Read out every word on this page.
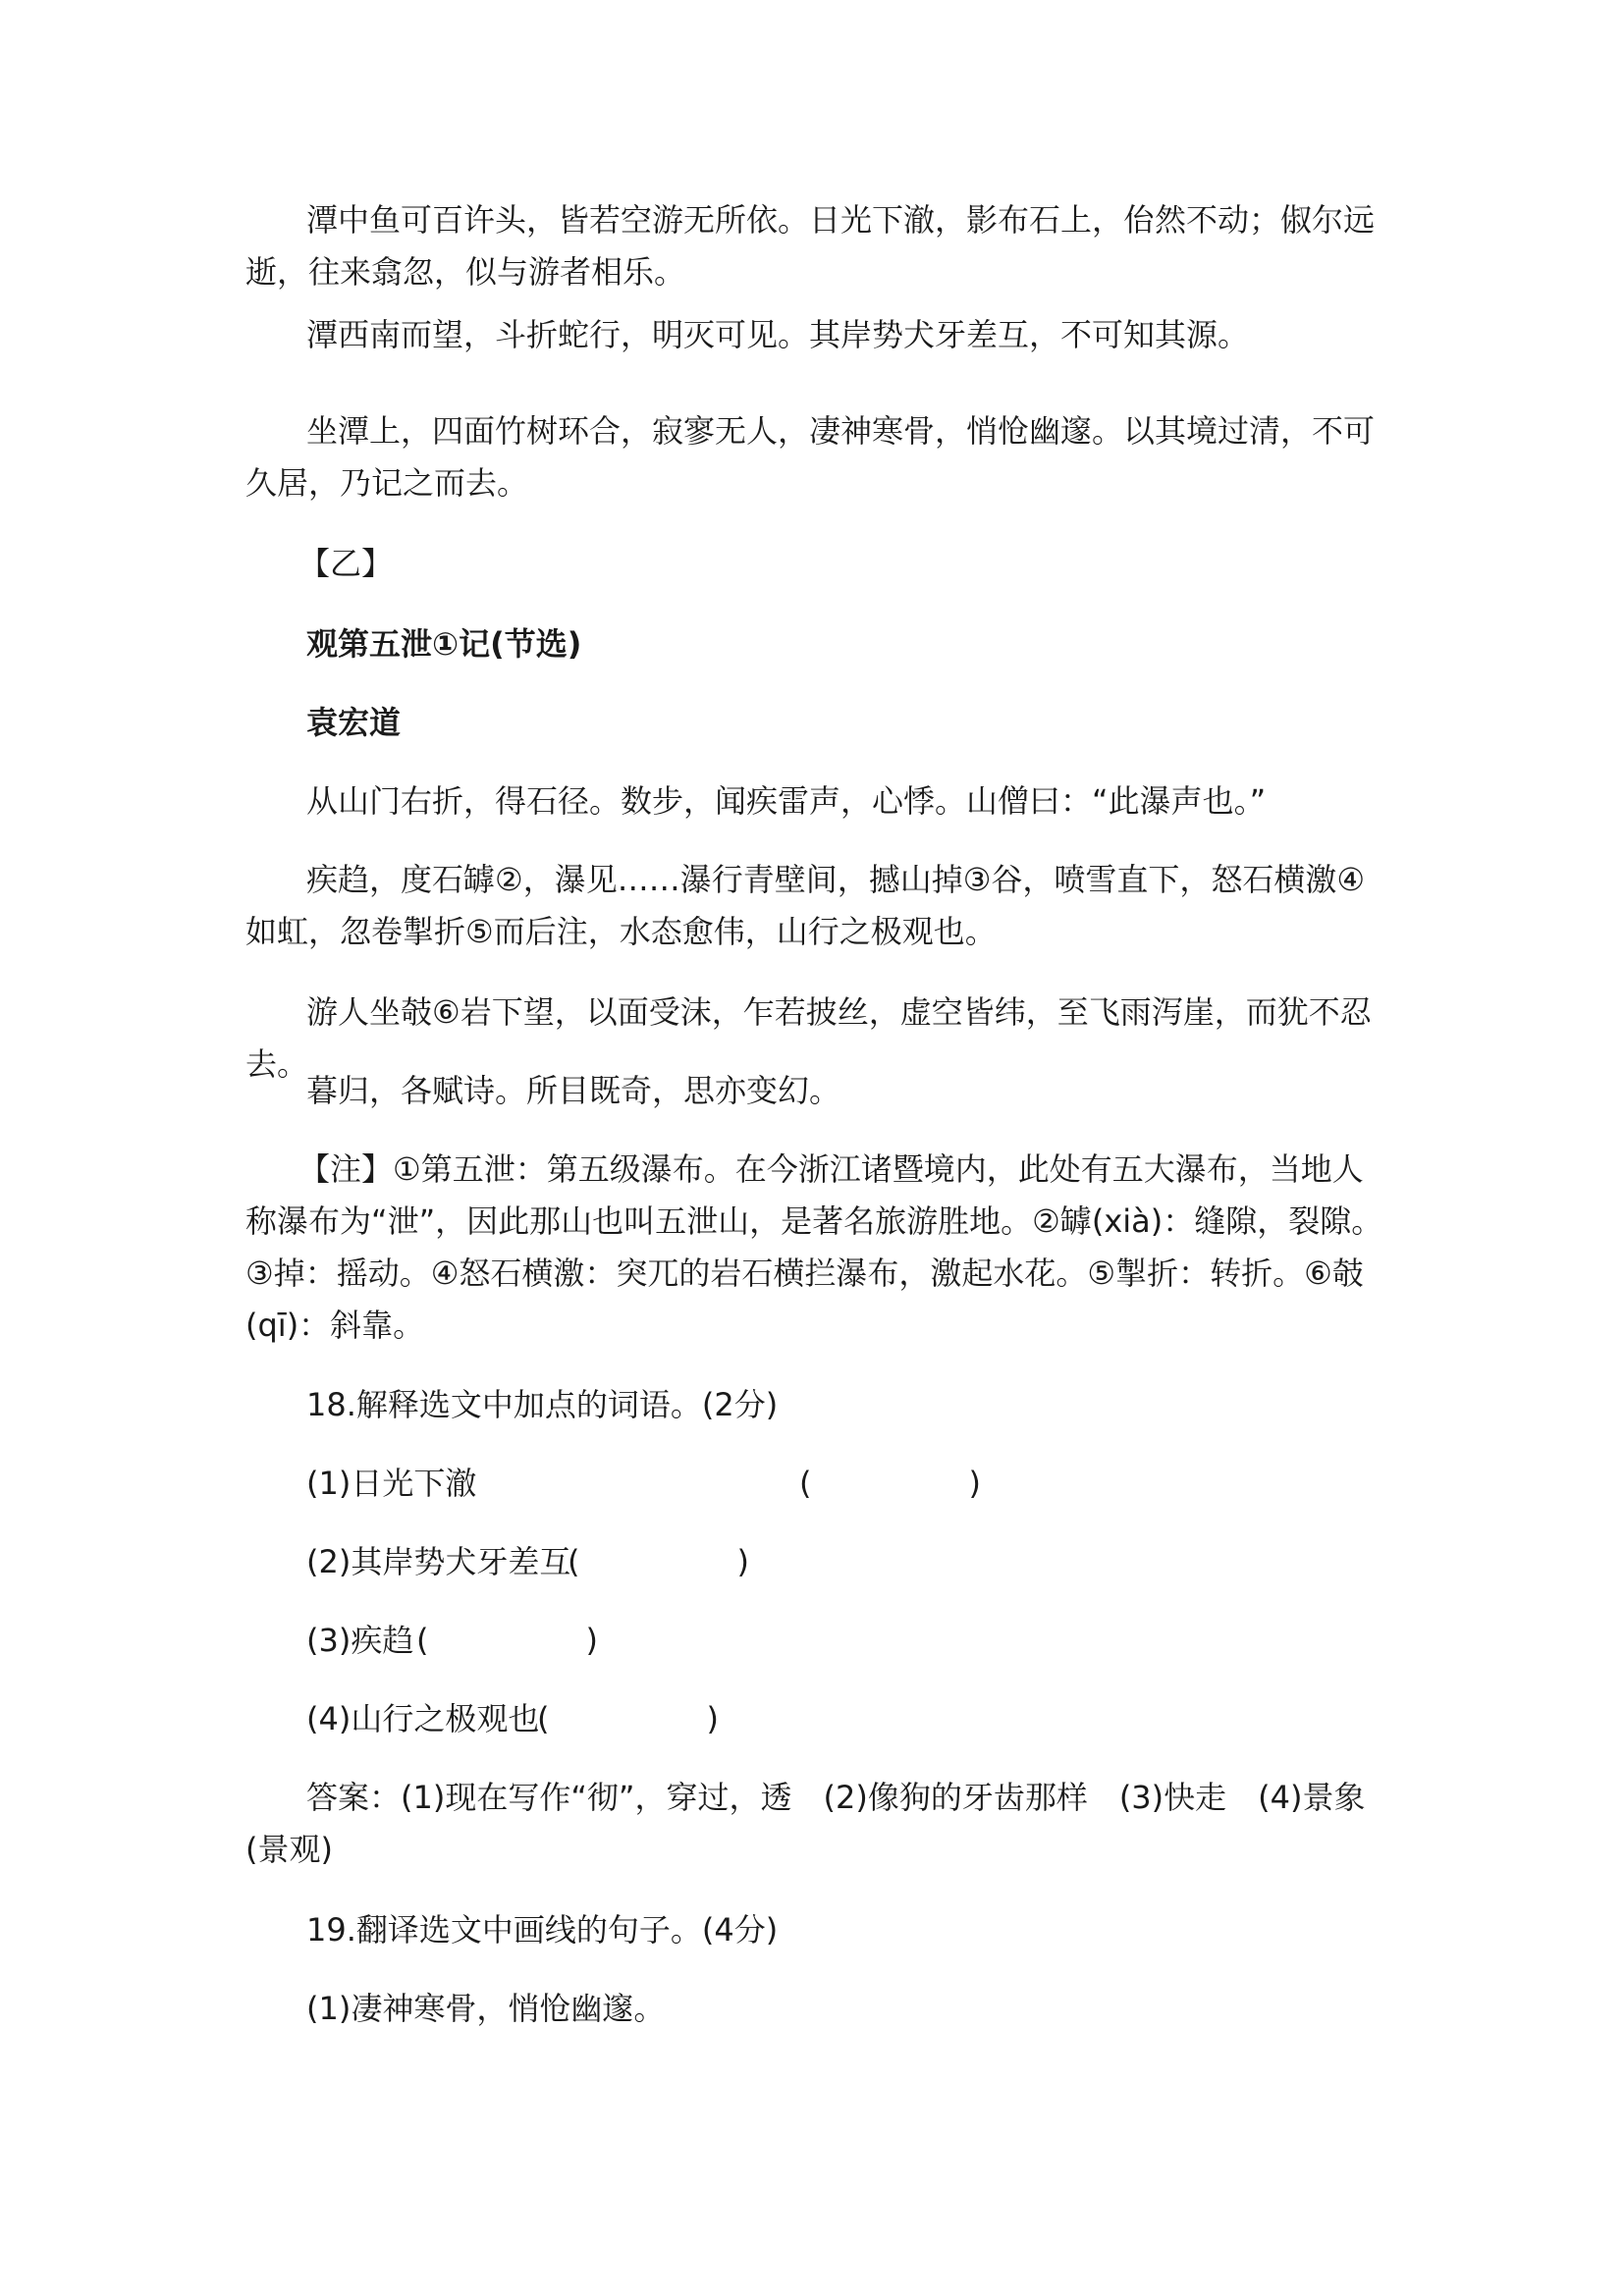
潭中鱼可百许头，皆若空游无所依。日光下澈，影布石上，佁然不动；俶尔远逝，往来翕忽，似与游者相乐。

潭西南而望，斗折蛇行，明灭可见。其岸势犬牙差互，不可知其源。

坐潭上，四面竹树环合，寂寥无人，凄神寒骨，悄怆幽邃。以其境过清，不可久居，乃记之而去。

【乙】

观第五泄①记(节选)

袁宏道

从山门右折，得石径。数步，闻疾雷声，心悸。山僧曰：“此瀑声也。”

疾趋，度石罅②，瀑见……瀑行青壁间，撼山掉③谷，喷雪直下，怒石横激④如虹，忽卷掣折⑤而后注，水态愈伟，山行之极观也。

游人坐攲⑥岩下望，以面受沫，乍若披丝，虚空皆纬，至飞雨泻崖，而犹不忍去。

暮归，各赋诗。所目既奇，思亦变幻。

【注】①第五泄：第五级瀑布。在今浙江诸暨境内，此处有五大瀑布，当地人称瀑布为“泄”，因此那山也叫五泄山，是著名旅游胜地。②罅(xià)：缝隙，裂隙。③掉：摇动。④怒石横激：突兀的岩石横拦瀑布，激起水花。⑤掣折：转折。⑥攲(qī)：斜靠。

18.解释选文中加点的词语。(2分)

(1)日光下澈	(　　　　　)

(2)其岸势犬牙差互

(　　　　　)

(3)疾趋 (　　　　　)

(4)山行之极观也

(　　　　　)

答案：(1)现在写作“彻”，穿过，透　(2)像狗的牙齿那样　(3)快走　(4)景象(景观)

19.翻译选文中画线的句子。(4分)

(1)凄神寒骨，悄怆幽邃。
